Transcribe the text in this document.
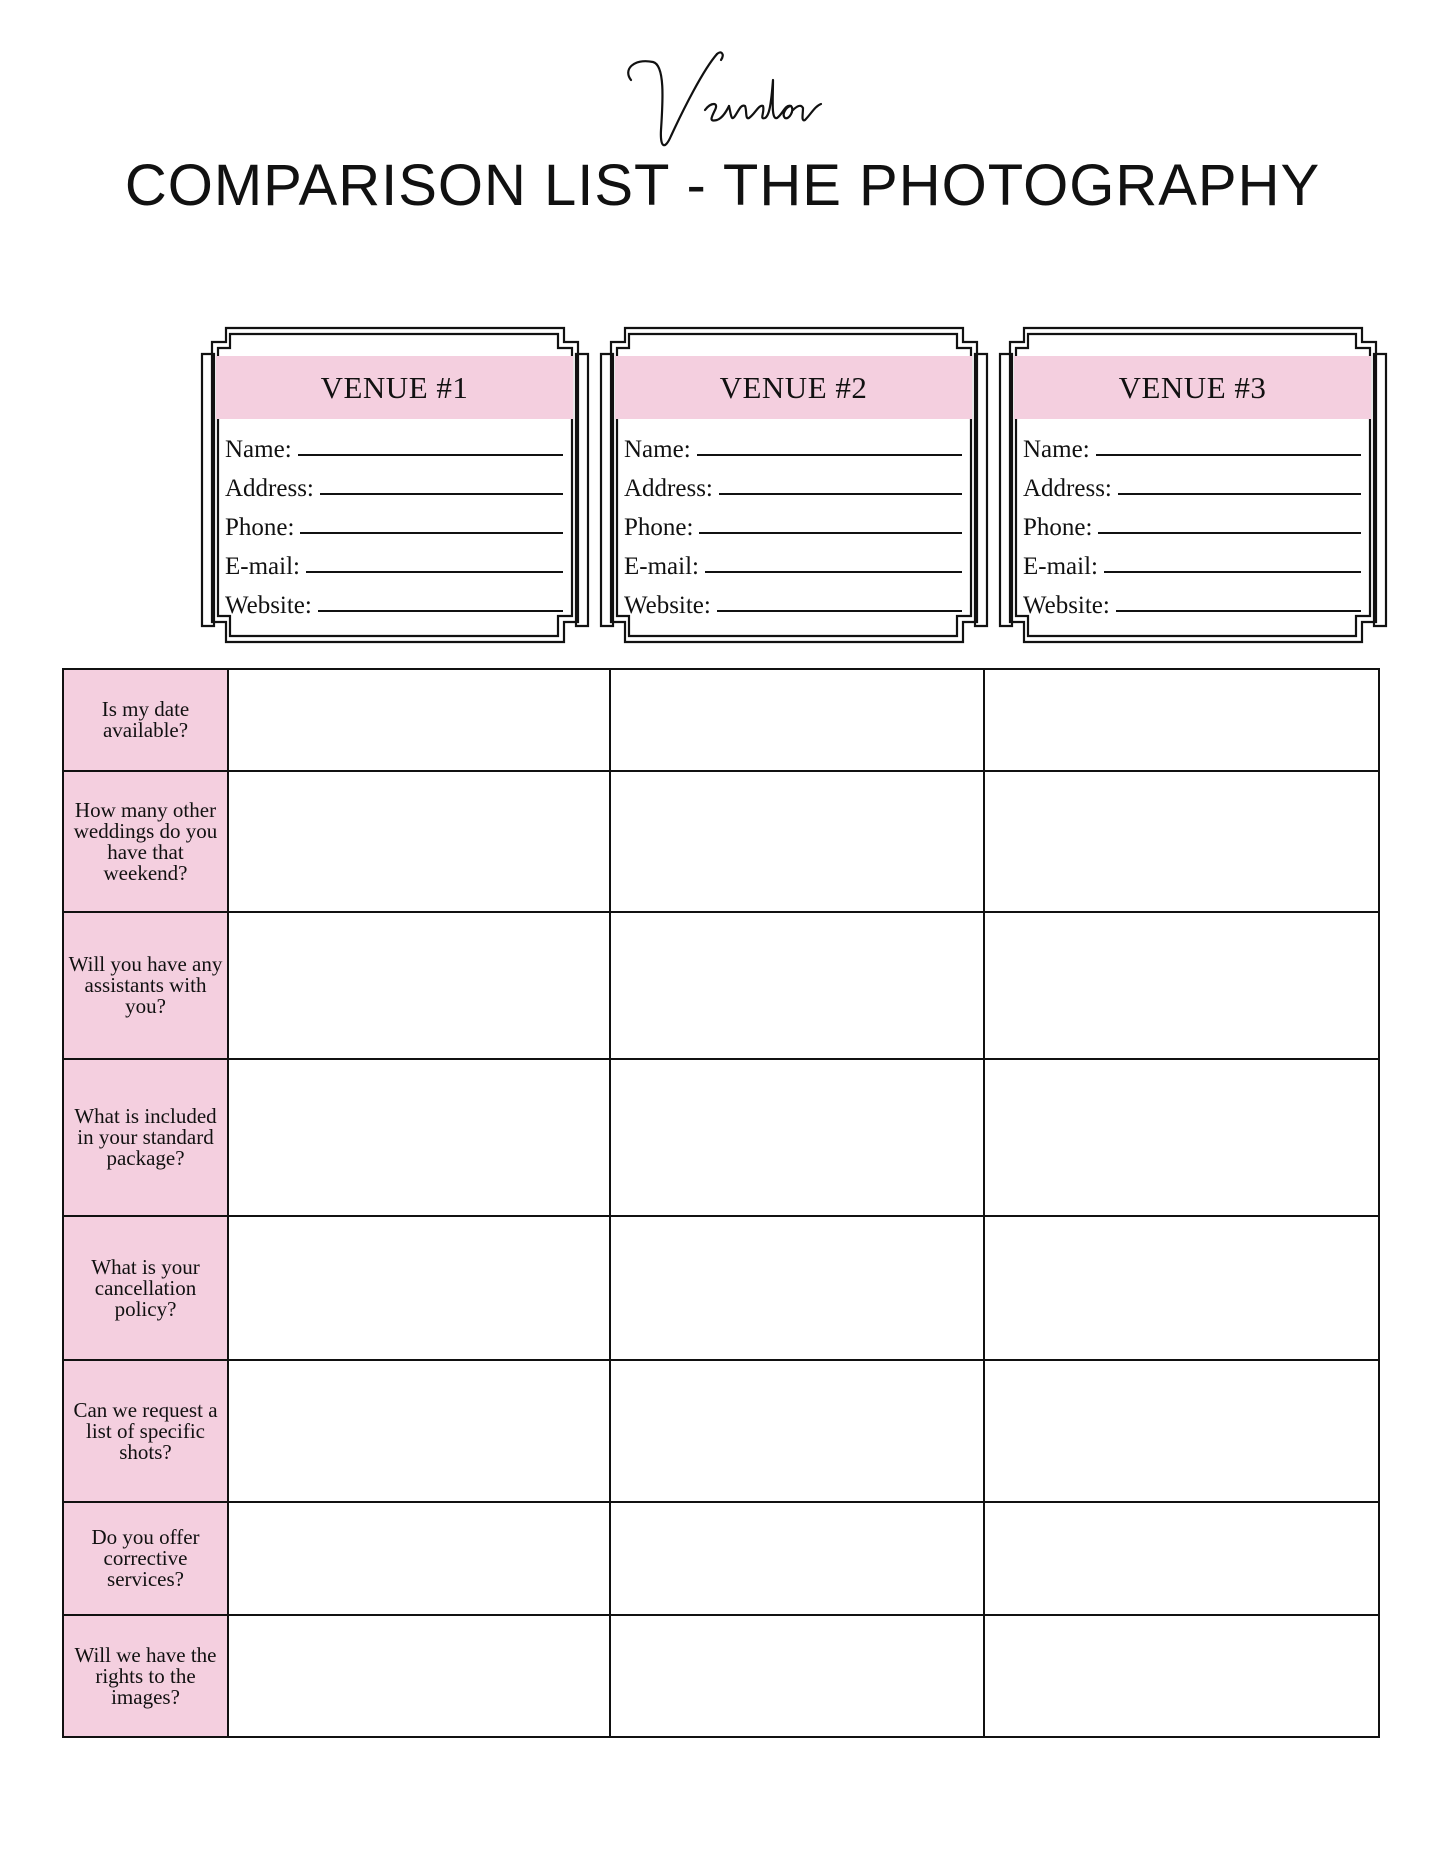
COMPARISON LIST - THE PHOTOGRAPHY
VENUE #1
Name:
Address:
Phone:
E-mail:
Website:
VENUE #2
Name:
Address:
Phone:
E-mail:
Website:
VENUE #3
Name:
Address:
Phone:
E-mail:
Website:
Is my date available?			
How many other weddings do you have that weekend?			
Will you have any assistants with you?			
What is included in your standard package?			
What is your cancellation policy?			
Can we request a list of specific shots?			
Do you offer corrective services?			
Will we have the rights to the images?			
